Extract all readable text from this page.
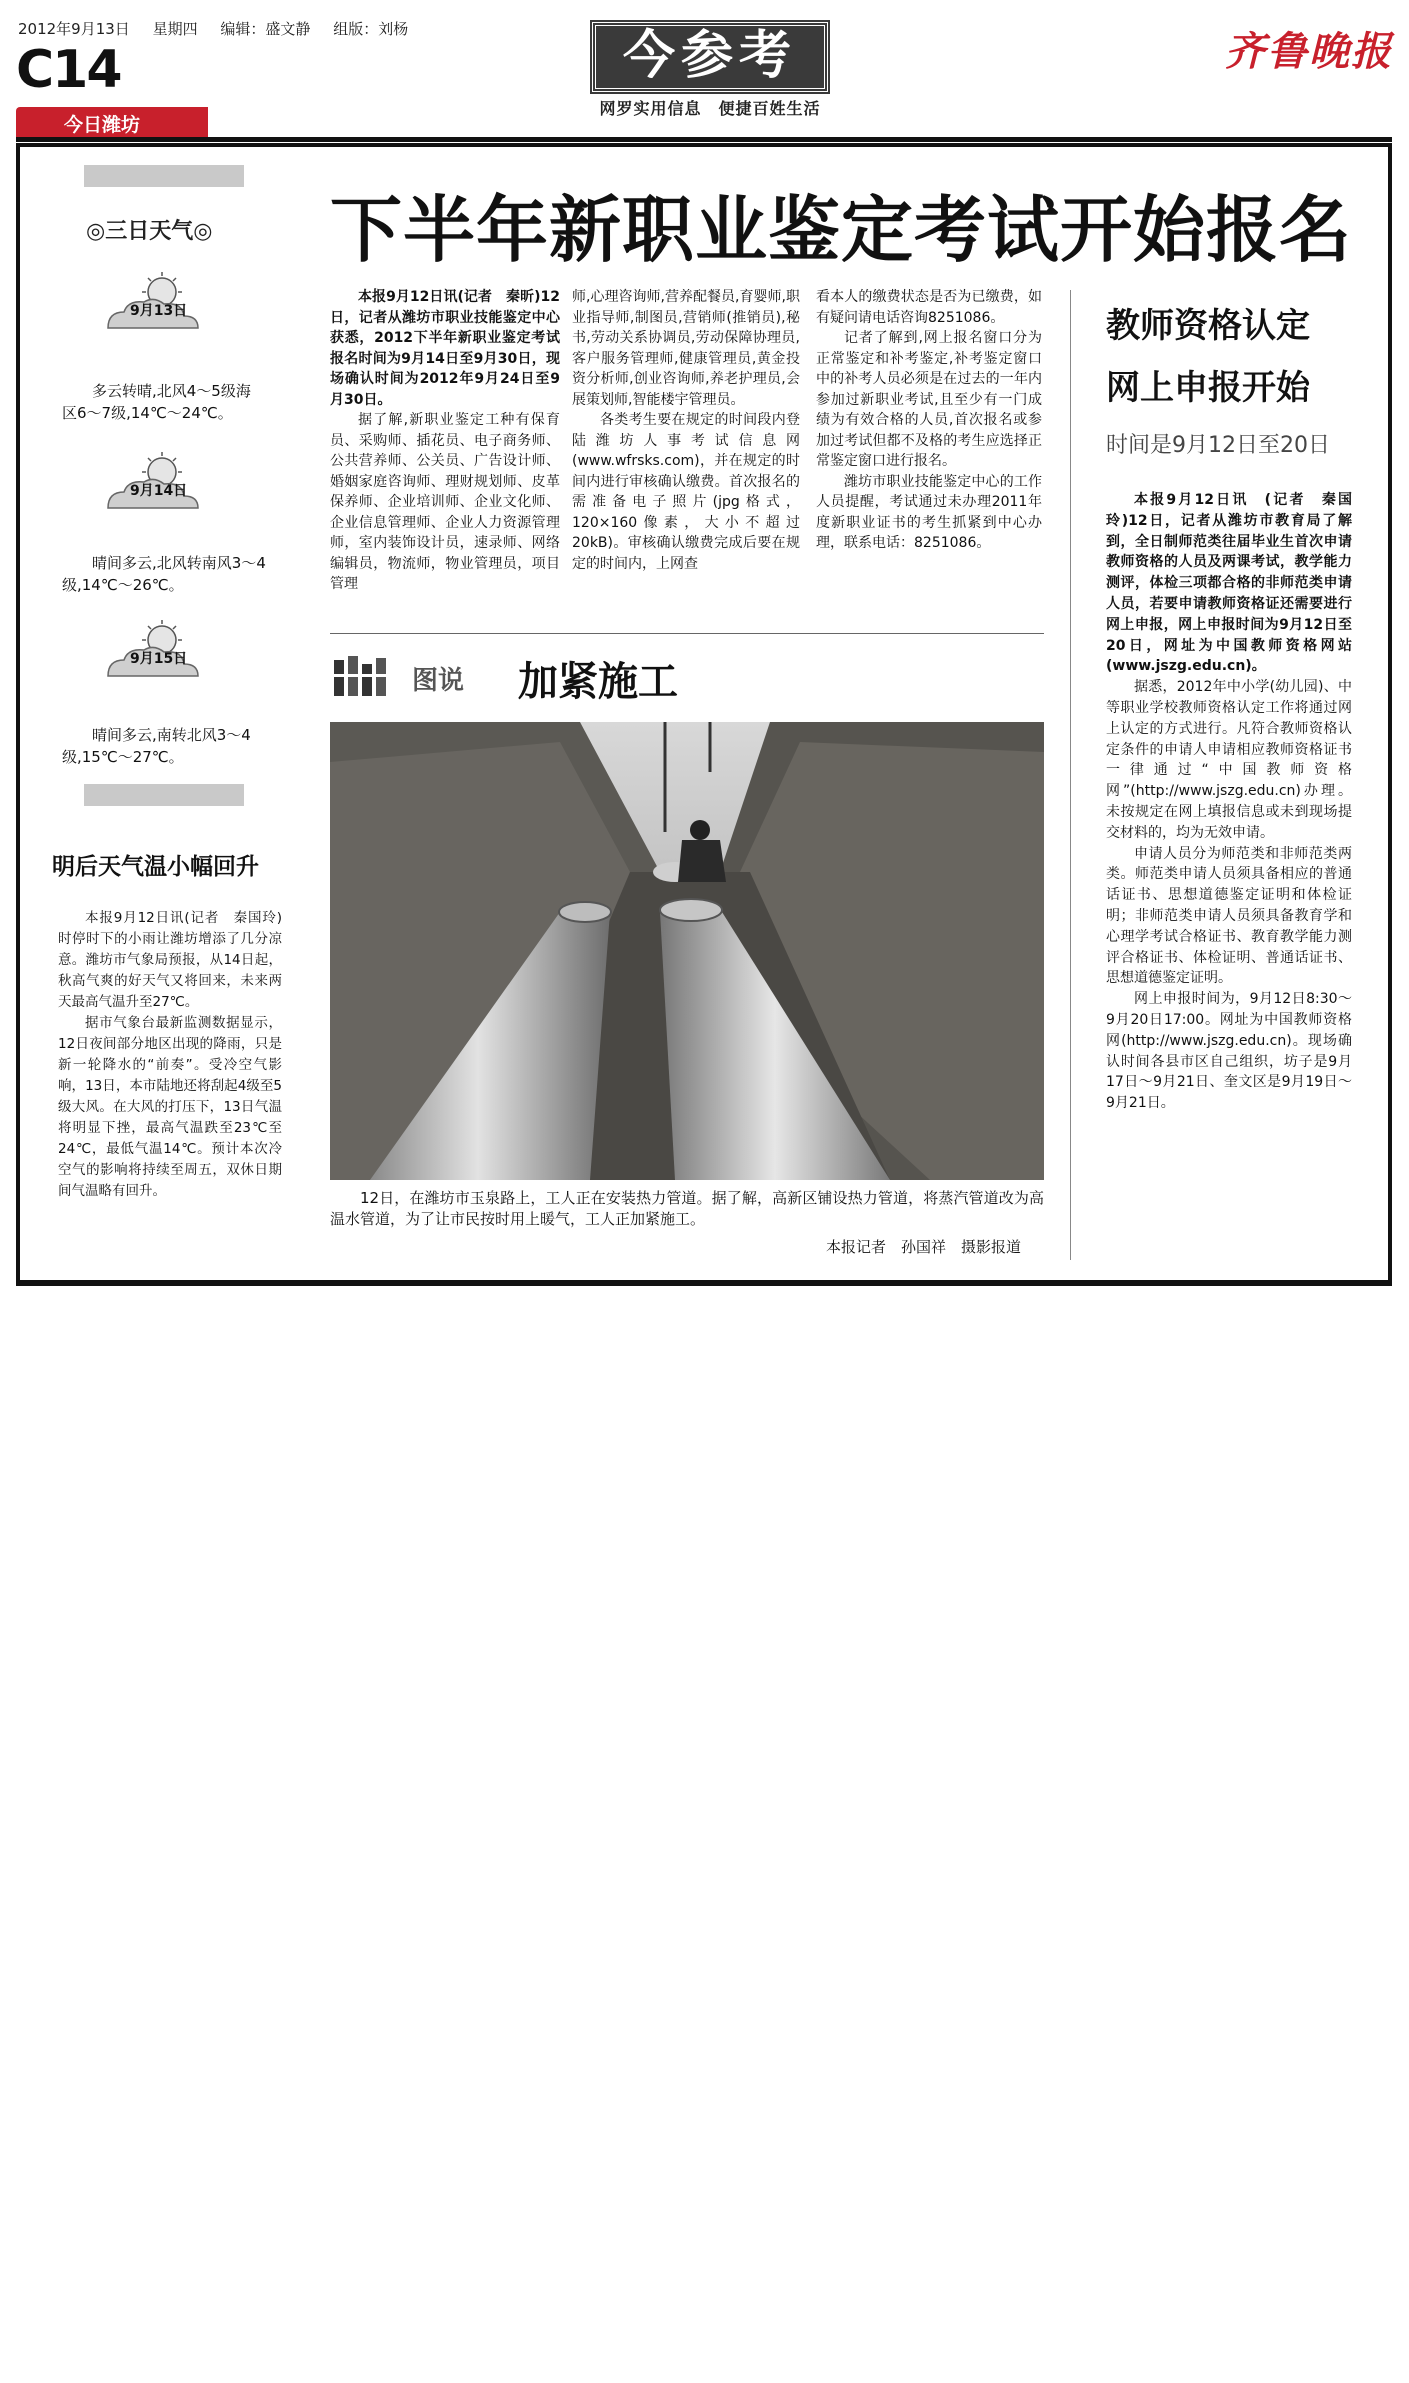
2012年9月13日 星期四 编辑：盛文静 组版：刘杨
C14
今日潍坊
今参考
网罗实用信息　便捷百姓生活
齐鲁晚报
◎三日天气◎
9月13日
多云转晴,北风4～5级海区6～7级,14℃～24℃。
9月14日
晴间多云,北风转南风3～4级,14℃～26℃。
9月15日
晴间多云,南转北风3～4级,15℃～27℃。
明后天气温小幅回升

本报9月12日讯(记者　秦国玲)时停时下的小雨让潍坊增添了几分凉意。潍坊市气象局预报，从14日起，秋高气爽的好天气又将回来，未来两天最高气温升至27℃。

据市气象台最新监测数据显示，12日夜间部分地区出现的降雨，只是新一轮降水的“前奏”。受冷空气影响，13日，本市陆地还将刮起4级至5级大风。在大风的打压下，13日气温将明显下挫，最高气温跌至23℃至24℃，最低气温14℃。预计本次冷空气的影响将持续至周五，双休日期间气温略有回升。

下半年新职业鉴定考试开始报名

本报9月12日讯(记者　秦昕)12日，记者从潍坊市职业技能鉴定中心获悉，2012下半年新职业鉴定考试报名时间为9月14日至9月30日，现场确认时间为2012年9月24日至9月30日。

据了解,新职业鉴定工种有保育员、采购师、插花员、电子商务师、公共营养师、公关员、广告设计师、婚姻家庭咨询师、理财规划师、皮革保养师、企业培训师、企业文化师、企业信息管理师、企业人力资源管理师，室内装饰设计员，速录师、网络编辑员，物流师，物业管理员，项目管理

师,心理咨询师,营养配餐员,育婴师,职业指导师,制图员,营销师(推销员),秘书,劳动关系协调员,劳动保障协理员,客户服务管理师,健康管理员,黄金投资分析师,创业咨询师,养老护理员,会展策划师,智能楼宇管理员。

各类考生要在规定的时间段内登陆潍坊人事考试信息网(www.wfrsks.com)，并在规定的时间内进行审核确认缴费。首次报名的需准备电子照片(jpg格式，120×160像素，大小不超过20kB)。审核确认缴费完成后要在规定的时间内，上网查

看本人的缴费状态是否为已缴费，如有疑问请电话咨询8251086。

记者了解到,网上报名窗口分为正常鉴定和补考鉴定,补考鉴定窗口中的补考人员必须是在过去的一年内参加过新职业考试,且至少有一门成绩为有效合格的人员,首次报名或参加过考试但都不及格的考生应选择正常鉴定窗口进行报名。

潍坊市职业技能鉴定中心的工作人员提醒，考试通过未办理2011年度新职业证书的考生抓紧到中心办理，联系电话：8251086。

图说 加紧施工
12日，在潍坊市玉泉路上，工人正在安装热力管道。据了解，高新区铺设热力管道，将蒸汽管道改为高温水管道，为了让市民按时用上暖气，工人正加紧施工。
本报记者　孙国祥　摄影报道
教师资格认定
网上申报开始
时间是9月12日至20日

本报9月12日讯　(记者　秦国玲)12日，记者从潍坊市教育局了解到，全日制师范类往届毕业生首次申请教师资格的人员及两课考试，教学能力测评，体检三项都合格的非师范类申请人员，若要申请教师资格证还需要进行网上申报，网上申报时间为9月12日至20日，网址为中国教师资格网站(www.jszg.edu.cn)。

据悉，2012年中小学(幼儿园)、中等职业学校教师资格认定工作将通过网上认定的方式进行。凡符合教师资格认定条件的申请人申请相应教师资格证书一律通过“中国教师资格网”(http://www.jszg.edu.cn)办理。未按规定在网上填报信息或未到现场提交材料的，均为无效申请。

申请人员分为师范类和非师范类两类。师范类申请人员须具备相应的普通话证书、思想道德鉴定证明和体检证明；非师范类申请人员须具备教育学和心理学考试合格证书、教育教学能力测评合格证书、体检证明、普通话证书、思想道德鉴定证明。

网上申报时间为，9月12日8:30～9月20日17:00。网址为中国教师资格网(http://www.jszg.edu.cn)。现场确认时间各县市区自己组织，坊子是9月17日～9月21日、奎文区是9月19日～9月21日。
